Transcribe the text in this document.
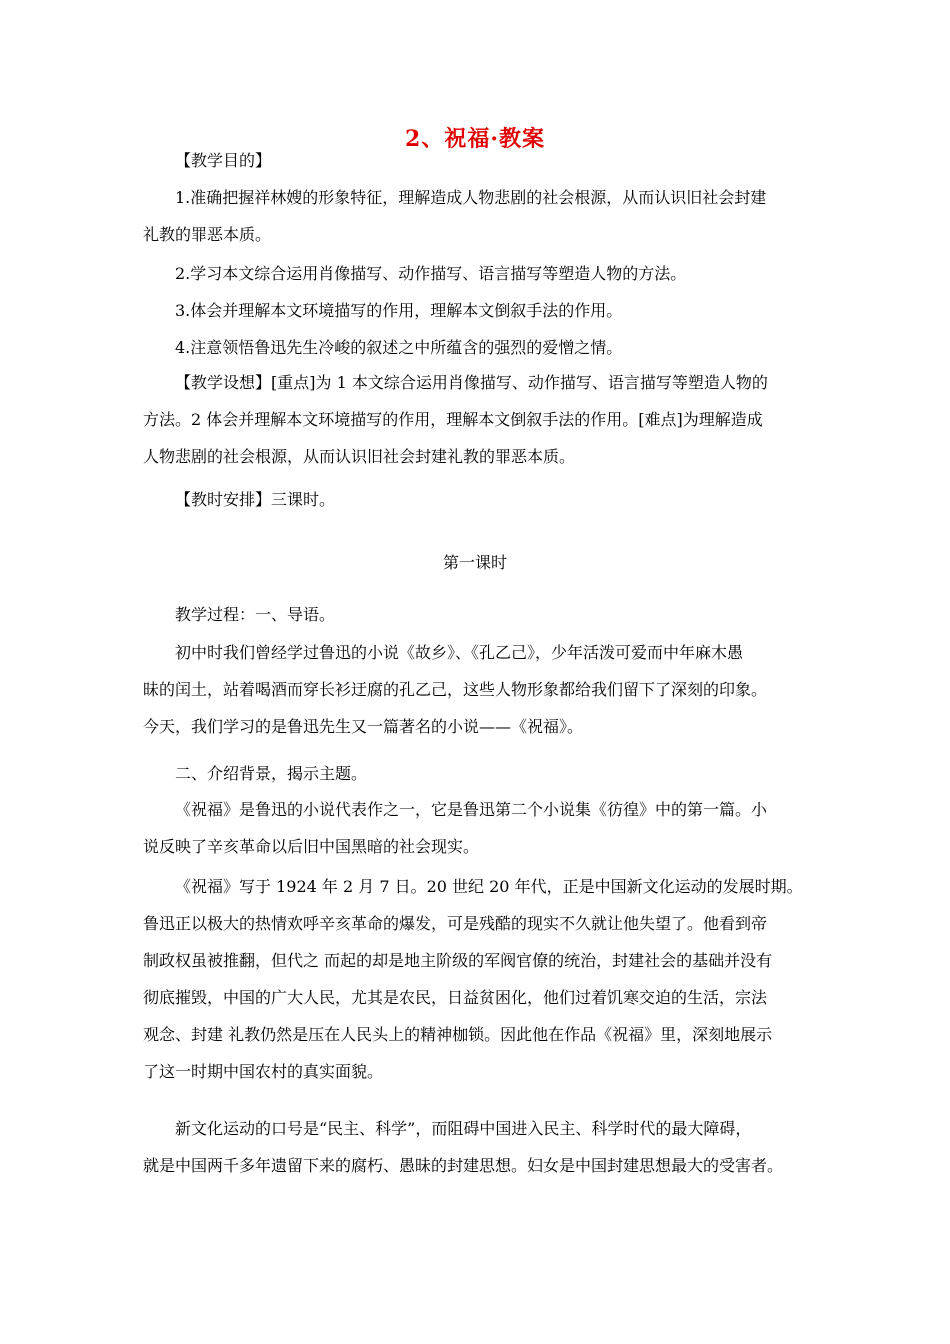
2、祝福·教案

【教学目的】

1.准确把握祥林嫂的形象特征，理解造成人物悲剧的社会根源，从而认识旧社会封建
礼教的罪恶本质。

2.学习本文综合运用肖像描写、动作描写、语言描写等塑造人物的方法。

3.体会并理解本文环境描写的作用，理解本文倒叙手法的作用。

4.注意领悟鲁迅先生冷峻的叙述之中所蕴含的强烈的爱憎之情。

【教学设想】[重点]为 1 本文综合运用肖像描写、动作描写、语言描写等塑造人物的
方法。2 体会并理解本文环境描写的作用，理解本文倒叙手法的作用。[难点]为理解造成
人物悲剧的社会根源，从而认识旧社会封建礼教的罪恶本质。

【教时安排】三课时。

第一课时

教学过程：一、导语。

初中时我们曾经学过鲁迅的小说《故乡》、《孔乙己》，少年活泼可爱而中年麻木愚
昧的闰土，站着喝酒而穿长衫迂腐的孔乙己，这些人物形象都给我们留下了深刻的印象。
今天，我们学习的是鲁迅先生又一篇著名的小说——《祝福》。

二、介绍背景，揭示主题。

《祝福》是鲁迅的小说代表作之一，它是鲁迅第二个小说集《彷徨》中的第一篇。小
说反映了辛亥革命以后旧中国黑暗的社会现实。

《祝福》写于 1924 年 2 月 7 日。20 世纪 20 年代，正是中国新文化运动的发展时期。
鲁迅正以极大的热情欢呼辛亥革命的爆发，可是残酷的现实不久就让他失望了。他看到帝
制政权虽被推翻，但代之 而起的却是地主阶级的军阀官僚的统治，封建社会的基础并没有
彻底摧毁，中国的广大人民，尤其是农民，日益贫困化，他们过着饥寒交迫的生活，宗法
观念、封建 礼教仍然是压在人民头上的精神枷锁。因此他在作品《祝福》里，深刻地展示
了这一时期中国农村的真实面貌。

新文化运动的口号是“民主、科学”，而阻碍中国进入民主、科学时代的最大障碍，
就是中国两千多年遗留下来的腐朽、愚昧的封建思想。妇女是中国封建思想最大的受害者。
